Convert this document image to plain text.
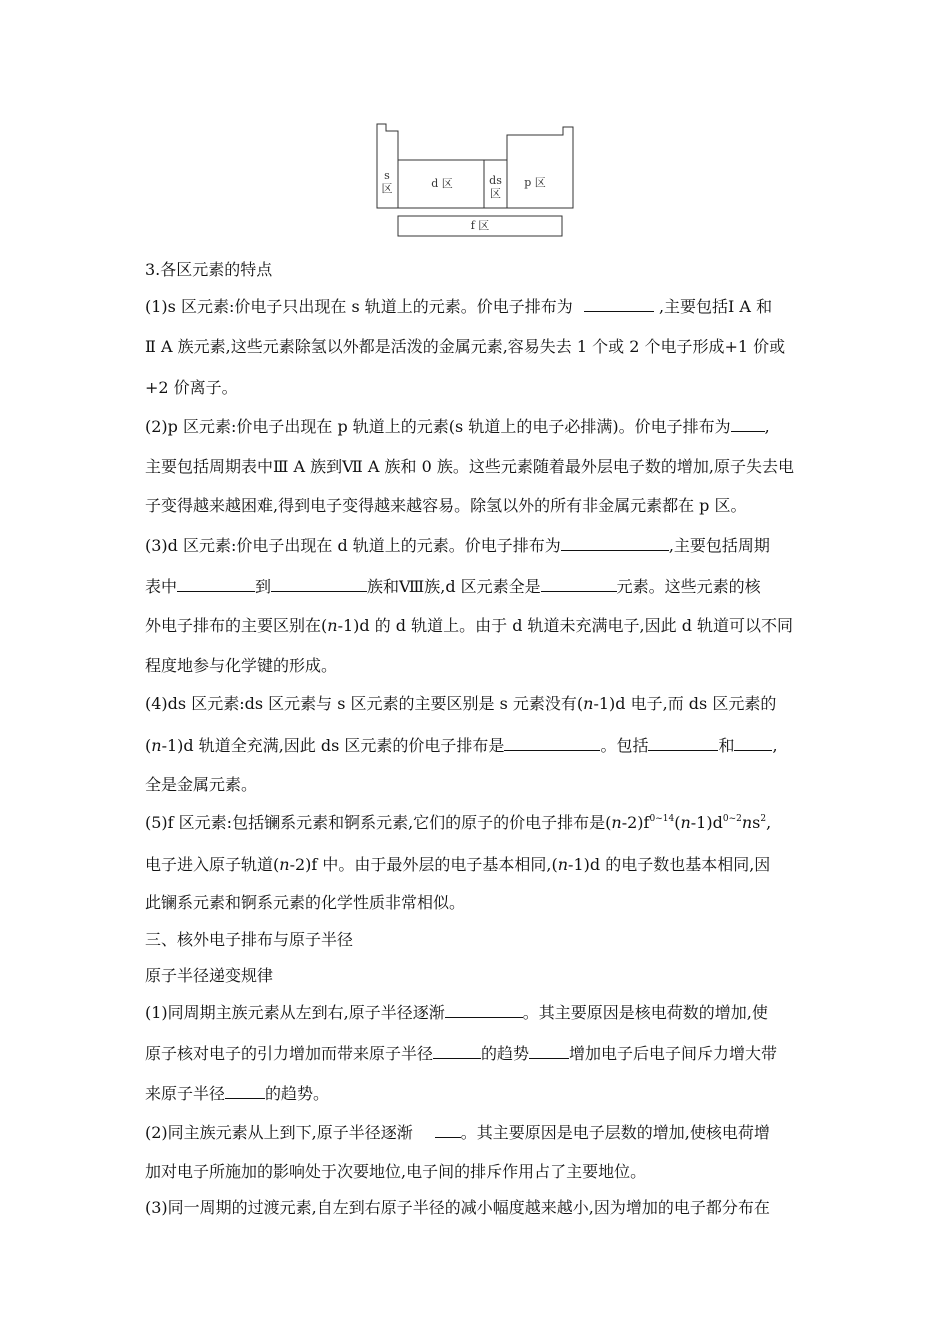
s
区	d 区	ds
区
p 区
f 区
3.各区元素的特点
(1)s 区元素:价电子只出现在 s 轨道上的元素。价电子排布为	,主要包括Ⅰ A 和
Ⅱ A 族元素,这些元素除氢以外都是活泼的金属元素,容易失去 1 个或 2 个电子形成+1 价或
+2 价离子。
(2)p 区元素:价电子出现在 p 轨道上的元素(s 轨道上的电子必排满)。价电子排布为 ,
主要包括周期表中Ⅲ A 族到Ⅶ A 族和 0 族。这些元素随着最外层电子数的增加,原子失去电
子变得越来越困难,得到电子变得越来越容易。除氢以外的所有非金属元素都在 p 区。
(3)d 区元素:价电子出现在 d 轨道上的元素。价电子排布为	,主要包括周期
表中	到	族和Ⅷ族,d 区元素全是	元素。这些元素的核
外电子排布的主要区别在(n-1)d 的 d 轨道上。由于 d 轨道未充满电子,因此 d 轨道可以不同
程度地参与化学键的形成。
(4)ds 区元素:ds 区元素与 s 区元素的主要区别是 s 元素没有(n-1)d 电子,而 ds 区元素的
(n-1)d 轨道全充满,因此 ds 区元素的价电子排布是	。包括	和 ,
全是金属元素。
(5)f 区元素:包括镧系元素和锕系元素,它们的原子的价电子排布是$(n-2)f^{0\sim 14}(n-1)d^{0\sim 2}ns^2$,
电子进入原子轨道(n-2)f 中。由于最外层的电子基本相同,(n-1)d 的电子数也基本相同,因
此镧系元素和锕系元素的化学性质非常相似。
三、核外电子排布与原子半径
原子半径递变规律
(1)同周期主族元素从左到右,原子半径逐渐	。其主要原因是核电荷数的增加,使
原子核对电子的引力增加而带来原子半径	的趋势	增加电子后电子间斥力增大带
来原子半径	的趋势。
(2)同主族元素从上到下,原子半径逐渐	。其主要原因是电子层数的增加,使核电荷增
加对电子所施加的影响处于次要地位,电子间的排斥作用占了主要地位。
(3)同一周期的过渡元素,自左到右原子半径的减小幅度越来越小,因为增加的电子都分布在
